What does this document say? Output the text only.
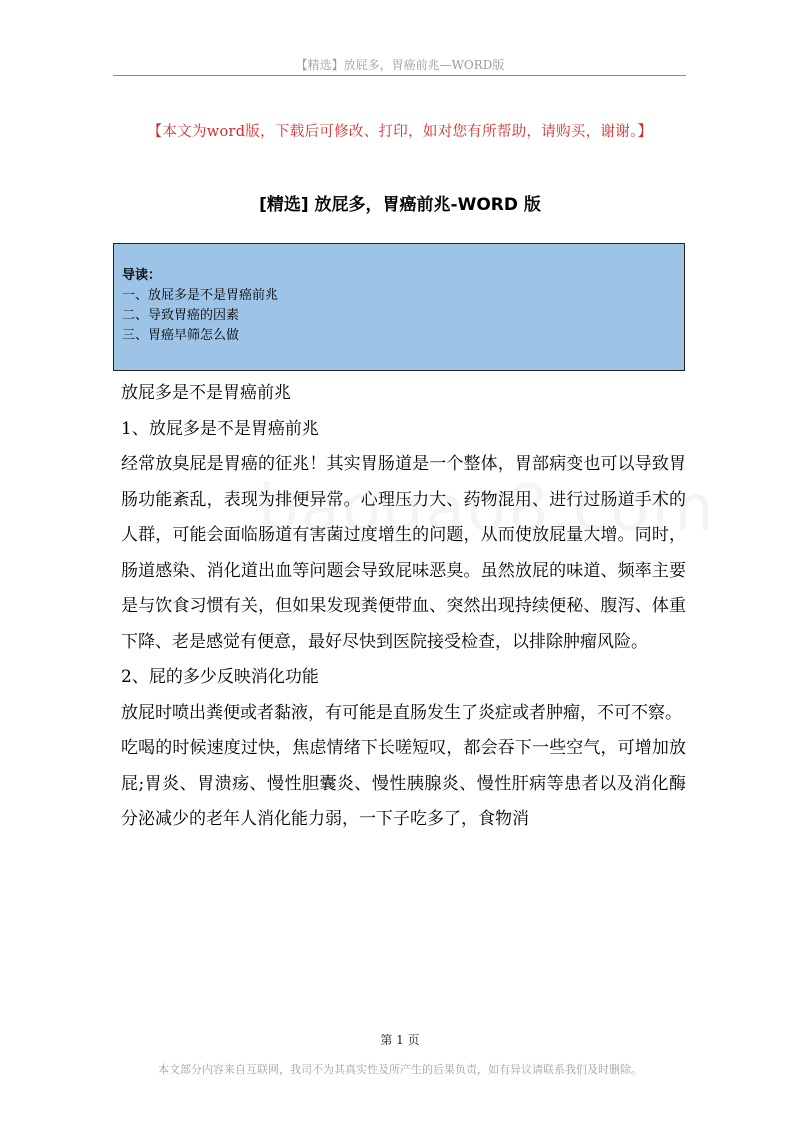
【精选】放屁多，胃癌前兆—WORD版
【本文为word版，下载后可修改、打印，如对您有所帮助，请购买，谢谢。】
[精选] 放屁多，胃癌前兆-WORD 版
导读：
一、放屁多是不是胃癌前兆
二、导致胃癌的因素
三、胃癌早筛怎么做

放屁多是不是胃癌前兆

1、放屁多是不是胃癌前兆

经常放臭屁是胃癌的征兆！其实胃肠道是一个整体，胃部病变也可以导致胃肠功能紊乱，表现为排便异常。心理压力大、药物混用、进行过肠道手术的人群，可能会面临肠道有害菌过度增生的问题，从而使放屁量大增。同时，肠道感染、消化道出血等问题会导致屁味恶臭。虽然放屁的味道、频率主要是与饮食习惯有关，但如果发现粪便带血、突然出现持续便秘、腹泻、体重下降、老是感觉有便意，最好尽快到医院接受检查，以排除肿瘤风险。

2、屁的多少反映消化功能

放屁时喷出粪便或者黏液，有可能是直肠发生了炎症或者肿瘤，不可不察。

吃喝的时候速度过快，焦虑情绪下长嗟短叹，都会吞下一些空气，可增加放屁;胃炎、胃溃疡、慢性胆囊炎、慢性胰腺炎、慢性肝病等患者以及消化酶分泌减少的老年人消化能力弱，一下子吃多了，食物消

第 1 页
本文部分内容来自互联网，我司不为其真实性及所产生的后果负责，如有异议请联系我们及时删除。
